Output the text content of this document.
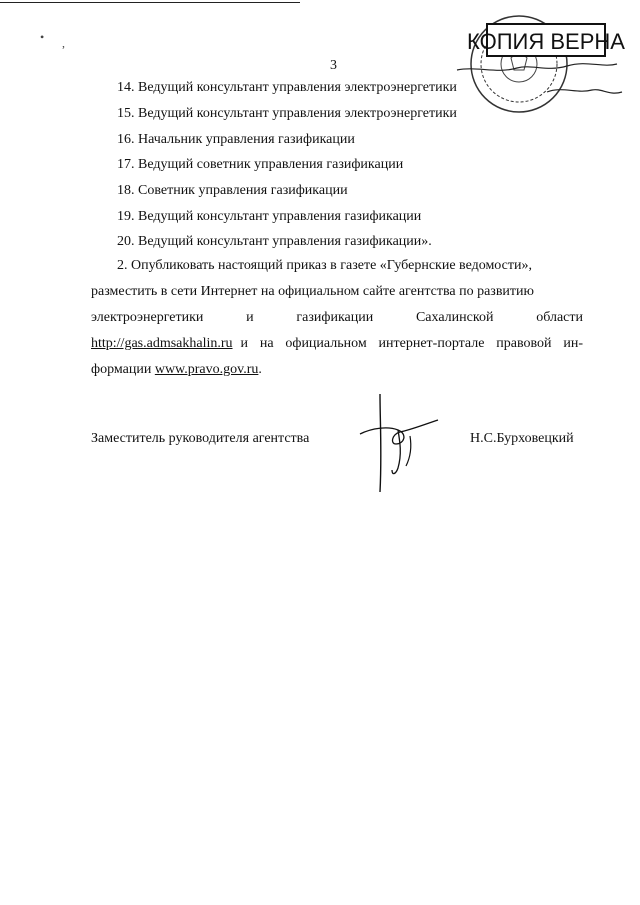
• ,
3
14. Ведущий консультант управления электроэнергетики
15. Ведущий консультант управления электроэнергетики
16. Начальник управления газификации
17. Ведущий советник управления газификации
18. Советник управления газификации
19. Ведущий консультант управления газификации
20. Ведущий консультант управления газификации».
2. Опубликовать настоящий приказ в газете «Губернские ведомости»,
разместить в сети Интернет на официальном сайте агентства по развитию
электроэнергетики	и	газификации	Сахалинской	области
http://gas.admsakhalin.ru и на официальном интернет-портале правовой ин-
формации www.pravo.gov.ru.
Заместитель руководителя агентства	Н.С.Бурховецкий
КОПИЯ ВЕРНА
